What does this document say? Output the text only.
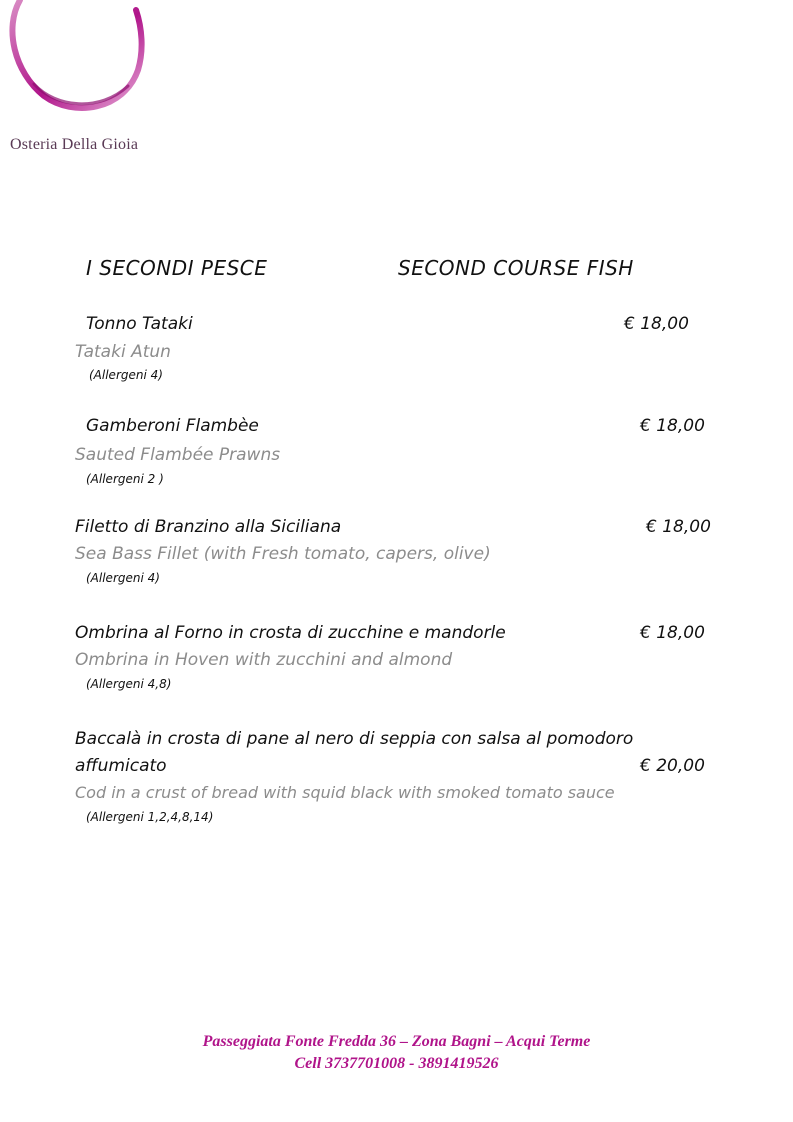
Osteria Della Gioia
I SECONDI PESCE	SECOND COURSE FISH
Tonno Tataki	€ 18,00
Tataki Atun
(Allergeni 4)
Gamberoni Flambèe	€ 18,00
Sauted Flambée Prawns
(Allergeni 2 )
Filetto di Branzino alla Siciliana	€ 18,00
Sea Bass Fillet (with Fresh tomato, capers, olive)
(Allergeni 4)
Ombrina al Forno in crosta di zucchine e mandorle	€ 18,00
Ombrina in Hoven with zucchini and almond
(Allergeni 4,8)
Baccalà in crosta di pane al nero di seppia con salsa al pomodoro
affumicato	€ 20,00
Cod in a crust of bread with squid black with smoked tomato sauce
(Allergeni 1,2,4,8,14)
Passeggiata Fonte Fredda 36 – Zona Bagni – Acqui Terme
Cell 3737701008 - 3891419526
